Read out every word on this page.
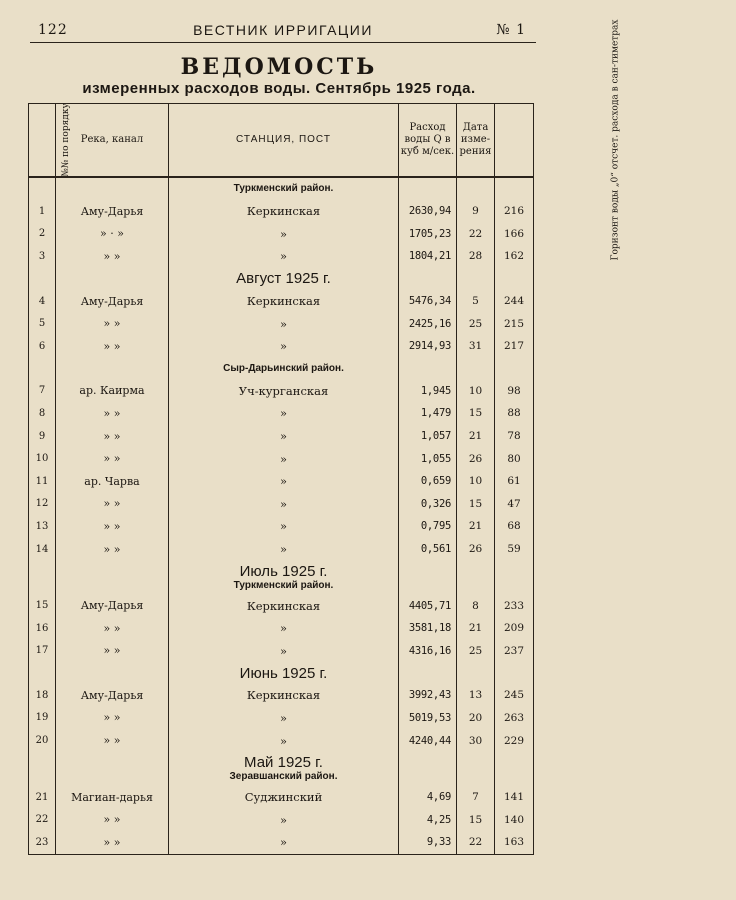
122	ВЕСТНИК ИРРИГАЦИИ	№ 1
ВЕДОМОСТЬ
измеренных расходов воды. Сентябрь 1925 года.
№№ по порядку	Река, канал	СТАНЦИЯ, ПОСТ	Расход воды Q в куб м/сек.	Дата изме-рения	Горизонт воды „0“ отсчет. расхода в сан-тиметрах

		Туркменский район.			

1	Аму-Дарья	Керкинская	2630,94	9	216
2	» · »	»	1705,23	22	166
3	» »	»	1804,21	28	162

		Август 1925 г.			

4	Аму-Дарья	Керкинская	5476,34	5	244
5	» »	»	2425,16	25	215
6	» »	»	2914,93	31	217

		Сыр-Дарьинский район.			

7	ар. Каирма	Уч-курганская	1,945	10	98
8	» »	»	1,479	15	88
9	» »	»	1,057	21	78
10	» »	»	1,055	26	80
11	ар. Чарва	»	0,659	10	61
12	» »	»	0,326	15	47
13	» »	»	0,795	21	68
14	» »	»	0,561	26	59

		Июль 1925 г.
Туркменский район.			

15	Аму-Дарья	Керкинская	4405,71	8	233
16	» »	»	3581,18	21	209
17	» »	»	4316,16	25	237

		Июнь 1925 г.			

18	Аму-Дарья	Керкинская	3992,43	13	245
19	» »	»	5019,53	20	263
20	» »	»	4240,44	30	229

		Май 1925 г.
Зеравшанский район.			

21	Магиан-дарья	Суджинский	4,69	7	141
22	» »	»	4,25	15	140
23	» »	»	9,33	22	163
